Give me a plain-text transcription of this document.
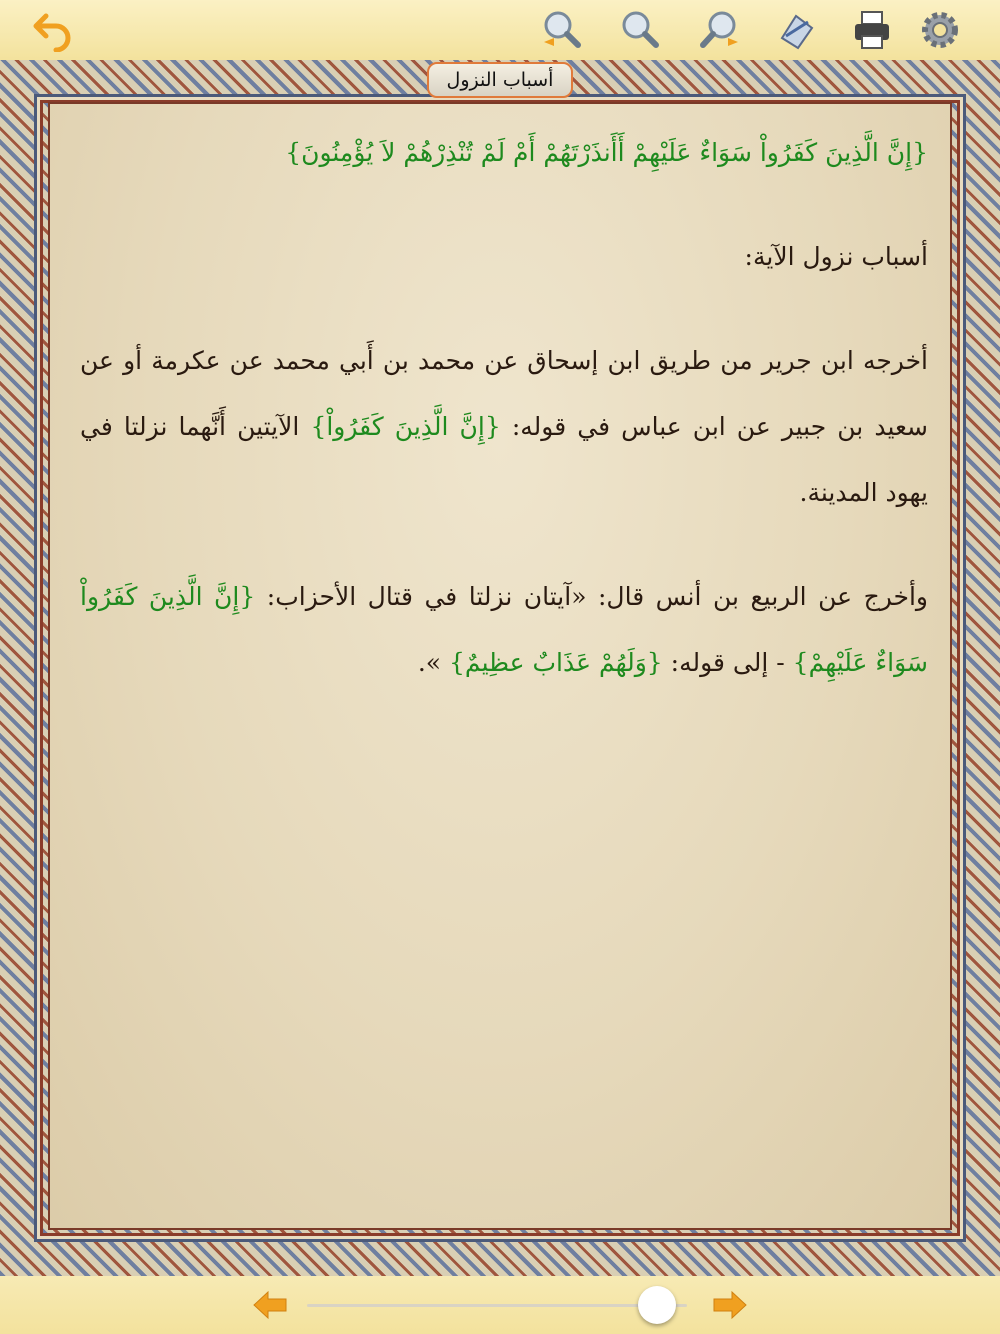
أسباب النزول
{إِنَّ الَّذِينَ كَفَرُواْ سَوَاءٌ عَلَيْهِمْ أَأَنذَرْتَهُمْ أَمْ لَمْ تُنْذِرْهُمْ لاَ يُؤْمِنُونَ}
أسباب نزول الآية:
أخرجه ابن جرير من طريق ابن إسحاق عن محمد بن أَبي محمد عن عكرمة أو عن سعيد بن جبير عن ابن عباس في قوله: {إِنَّ الَّذِينَ كَفَرُواْ} الآيتين أَنَّهما نزلتا في يهود المدينة.
وأخرج عن الربيع بن أنس قال: «آيتان نزلتا في قتال الأحزاب: {إِنَّ الَّذِينَ كَفَرُواْ سَوَاءٌ عَلَيْهِمْ} - إلى قوله: {وَلَهُمْ عَذَابٌ عظِيمٌ} ».
